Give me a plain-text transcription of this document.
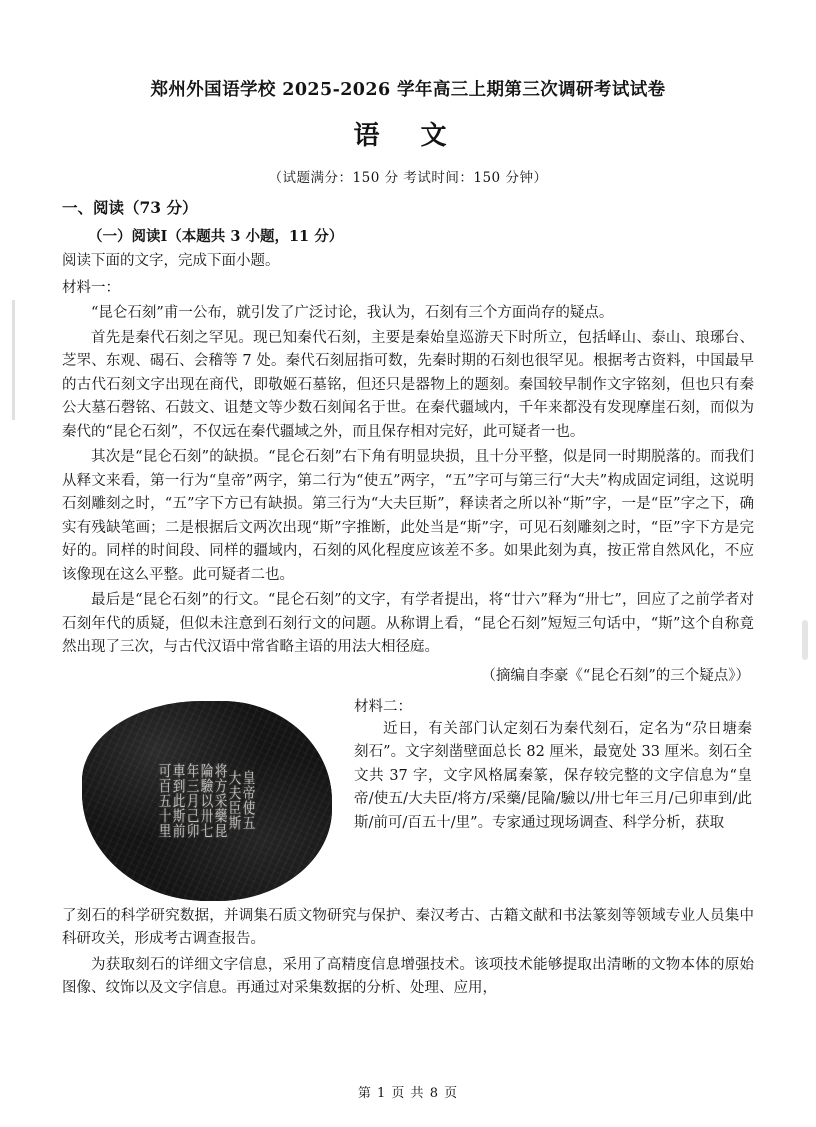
郑州外国语学校 2025-2026 学年高三上期第三次调研考试试卷
语 文
（试题满分：150 分 考试时间：150 分钟）
一、阅读（73 分）
（一）阅读Ⅰ（本题共 3 小题，11 分）
阅读下面的文字，完成下面小题。
材料一：

“昆仑石刻”甫一公布，就引发了广泛讨论，我认为，石刻有三个方面尚存的疑点。

首先是秦代石刻之罕见。现已知秦代石刻，主要是秦始皇巡游天下时所立，包括峄山、泰山、琅琊台、芝罘、东观、碣石、会稽等 7 处。秦代石刻屈指可数，先秦时期的石刻也很罕见。根据考古资料，中国最早的古代石刻文字出现在商代，即敬姬石墓铭，但还只是器物上的题刻。秦国较早制作文字铭刻，但也只有秦公大墓石磬铭、石鼓文、诅楚文等少数石刻闻名于世。在秦代疆域内，千年来都没有发现摩崖石刻，而似为秦代的“昆仑石刻”，不仅远在秦代疆域之外，而且保存相对完好，此可疑者一也。

其次是“昆仑石刻”的缺损。“昆仑石刻”右下角有明显块损，且十分平整，似是同一时期脱落的。而我们从释文来看，第一行为“皇帝”两字，第二行为“使五”两字，“五”字可与第三行“大夫”构成固定词组，这说明石刻雕刻之时，“五”字下方已有缺损。第三行为“大夫巨斯”，释读者之所以补“斯”字，一是“臣”字之下，确实有残缺笔画；二是根据后文两次出现“斯”字推断，此处当是“斯”字，可见石刻雕刻之时，“臣”字下方是完好的。同样的时间段、同样的疆域内，石刻的风化程度应该差不多。如果此刻为真，按正常自然风化，不应该像现在这么平整。此可疑者二也。

最后是“昆仑石刻”的行文。“昆仑石刻”的文字，有学者提出，将“廿六”释为“卅七”，回应了之前学者对石刻年代的质疑，但似未注意到石刻行文的问题。从称谓上看，“昆仑石刻”短短三句话中，“斯”这个自称竟然出现了三次，与古代汉语中常省略主语的用法大相径庭。

（摘编自李豪《“昆仑石刻”的三个疑点》）
皇
帝
使
五
大
夫
臣
斯
将
方
采
藥
昆
陯
驗
以
卅
七
年
三
月
己
卯
車
到
此
斯
前
可
百
五
十
里
材料二：

近日，有关部门认定刻石为秦代刻石，定名为“尕日塘秦刻石”。文字刻凿壁面总长 82 厘米，最宽处 33 厘米。刻石全文共 37 字，文字风格属秦篆，保存较完整的文字信息为“皇帝/使五/大夫臣/将方/采藥/昆陯/驗以/卅七年三月/己卯車到/此斯/前可/百五十/里”。专家通过现场调查、科学分析，获取

了刻石的科学研究数据，并调集石质文物研究与保护、秦汉考古、古籍文献和书法篆刻等领域专业人员集中科研攻关，形成考古调查报告。

为获取刻石的详细文字信息，采用了高精度信息增强技术。该项技术能够提取出清晰的文物本体的原始图像、纹饰以及文字信息。再通过对采集数据的分析、处理、应用，

第 1 页 共 8 页
